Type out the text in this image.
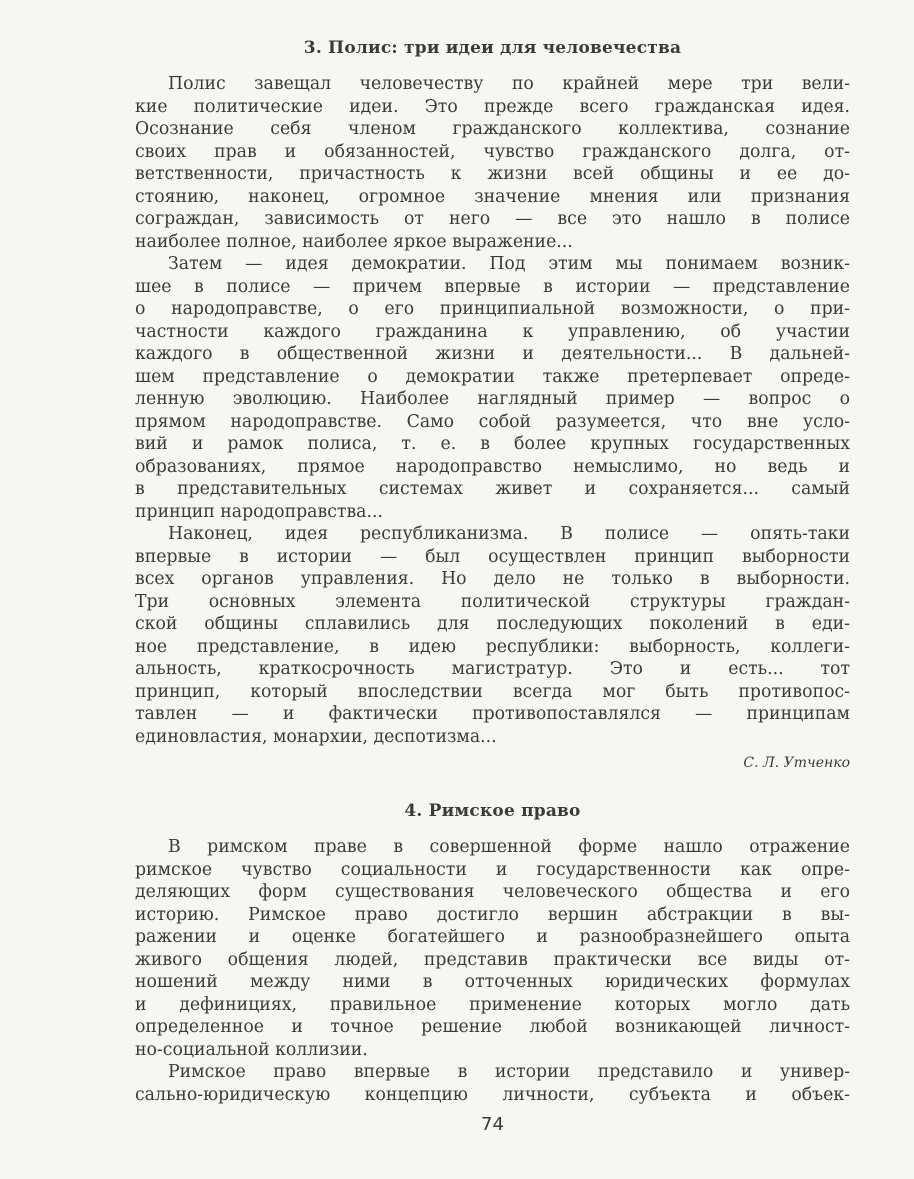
3. Полис: три идеи для человечества
Полис завещал человечеству по крайней мере три вели-
кие политические идеи. Это прежде всего гражданская идея.
Осознание себя членом гражданского коллектива, сознание
своих прав и обязанностей, чувство гражданского долга, от-
ветственности, причастность к жизни всей общины и ее до-
стоянию, наконец, огромное значение мнения или признания
сограждан, зависимость от него — все это нашло в полисе
наиболее полное, наиболее яркое выражение...
Затем — идея демократии. Под этим мы понимаем возник-
шее в полисе — причем впервые в истории — представление
о народоправстве, о его принципиальной возможности, о при-
частности каждого гражданина к управлению, об участии
каждого в общественной жизни и деятельности... В дальней-
шем представление о демократии также претерпевает опреде-
ленную эволюцию. Наиболее наглядный пример — вопрос о
прямом народоправстве. Само собой разумеется, что вне усло-
вий и рамок полиса, т. е. в более крупных государственных
образованиях, прямое народоправство немыслимо, но ведь и
в представительных системах живет и сохраняется... самый
принцип народоправства...
Наконец, идея республиканизма. В полисе — опять-таки
впервые в истории — был осуществлен принцип выборности
всех органов управления. Но дело не только в выборности.
Три основных элемента политической структуры граждан-
ской общины сплавились для последующих поколений в еди-
ное представление, в идею республики: выборность, коллеги-
альность, краткосрочность магистратур. Это и есть... тот
принцип, который впоследствии всегда мог быть противопос-
тавлен — и фактически противопоставлялся — принципам
единовластия, монархии, деспотизма...
С. Л. Утченко
4. Римское право
В римском праве в совершенной форме нашло отражение
римское чувство социальности и государственности как опре-
деляющих форм существования человеческого общества и его
историю. Римское право достигло вершин абстракции в вы-
ражении и оценке богатейшего и разнообразнейшего опыта
живого общения людей, представив практически все виды от-
ношений между ними в отточенных юридических формулах
и дефинициях, правильное применение которых могло дать
определенное и точное решение любой возникающей личност-
но-социальной коллизии.
Римское право впервые в истории представило и универ-
сально-юридическую концепцию личности, субъекта и объек-
74
